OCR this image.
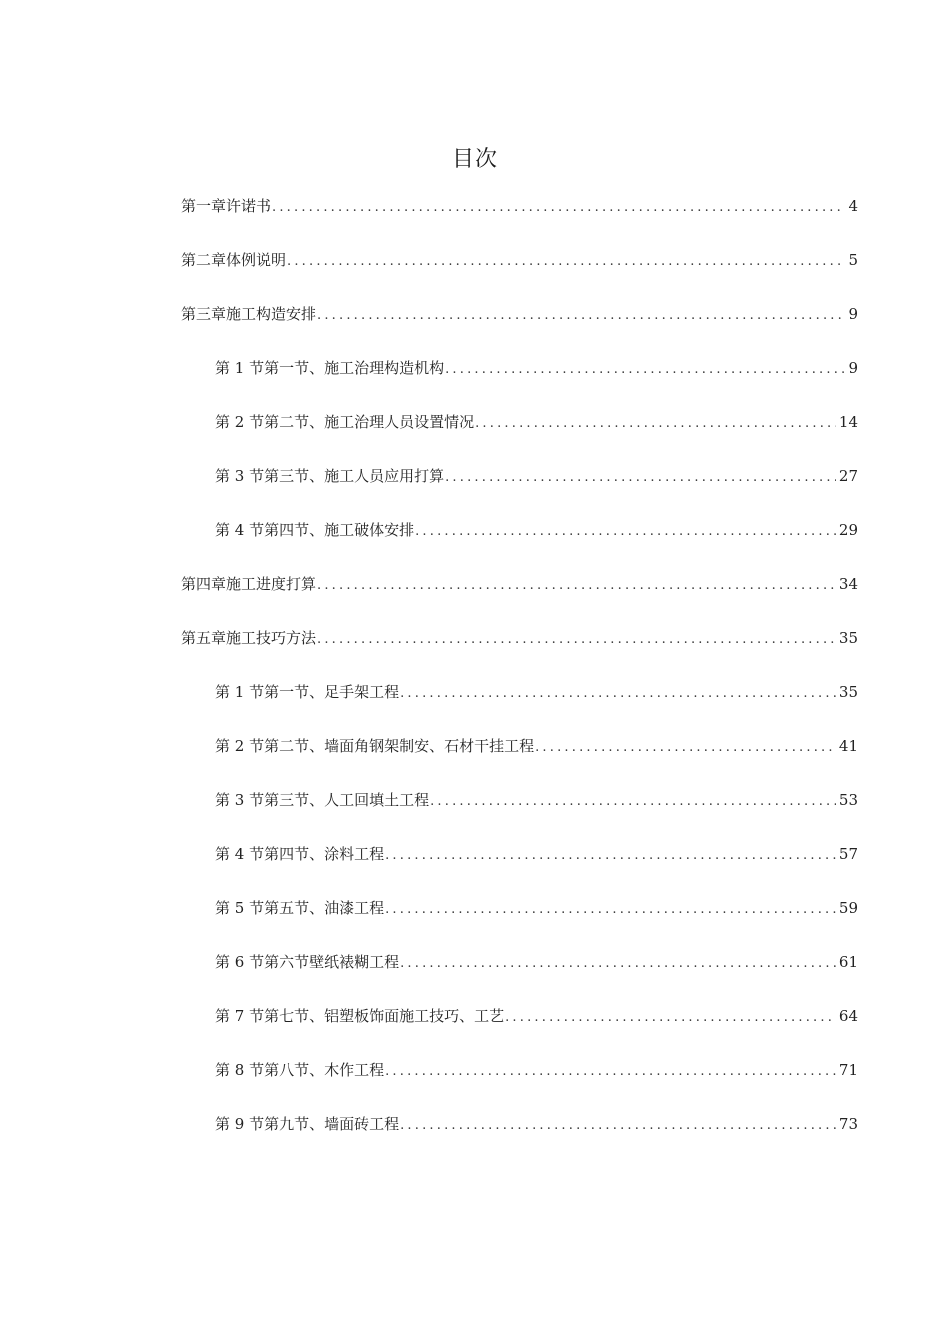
目次
第一章许诺书 .....	4
第二章体例说明 .....	5
第三章施工构造安排 .....	9
第 1 节第一节、施工治理构造机构 .....	9
第 2 节第二节、施工治理人员设置情况 .....	14
第 3 节第三节、施工人员应用打算 .....	27
第 4 节第四节、施工破体安排 .....	29
第四章施工进度打算 .....	34
第五章施工技巧方法 .....	35
第 1 节第一节、足手架工程 .....	35
第 2 节第二节、墙面角钢架制安、石材干挂工程 .....	41
第 3 节第三节、人工回填土工程 .....	53
第 4 节第四节、涂料工程 .....	57
第 5 节第五节、油漆工程 .....	59
第 6 节第六节壁纸裱糊工程 .....	61
第 7 节第七节、铝塑板饰面施工技巧、工艺 .....	64
第 8 节第八节、木作工程 .....	71
第 9 节第九节、墙面砖工程 .....	73
